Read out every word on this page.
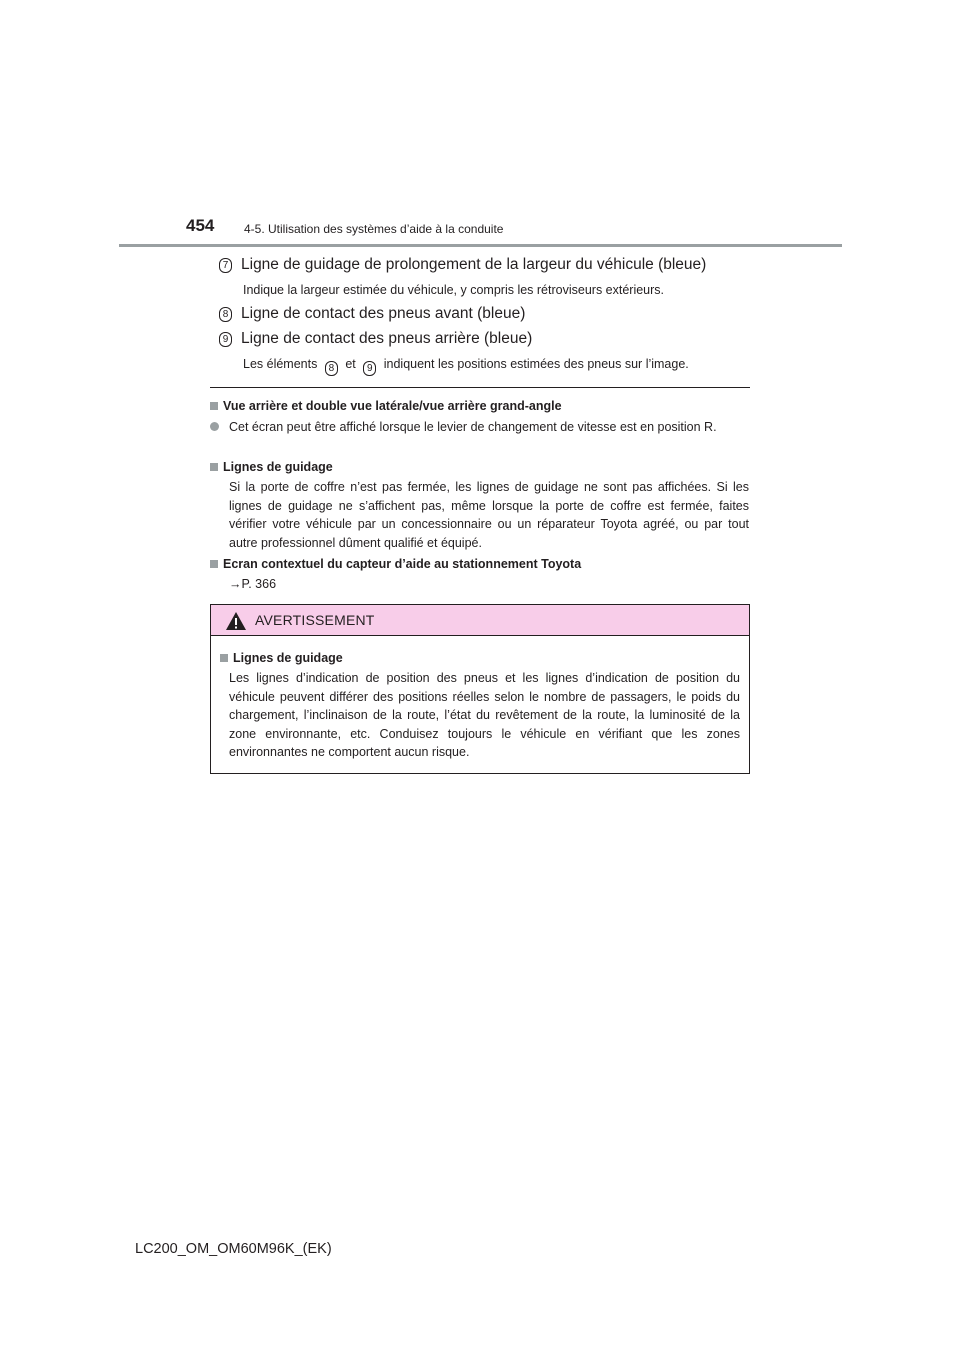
454 4-5. Utilisation des systèmes d’aide à la conduite
7 Ligne de guidage de prolongement de la largeur du véhicule (bleue)
Indique la largeur estimée du véhicule, y compris les rétroviseurs extérieurs.
8 Ligne de contact des pneus avant (bleue)
9 Ligne de contact des pneus arrière (bleue)
Les éléments 8 et 9 indiquent les positions estimées des pneus sur l’image.
Vue arrière et double vue latérale/vue arrière grand-angle
Cet écran peut être affiché lorsque le levier de changement de vitesse est en position R.
Lignes de guidage
Si la porte de coffre n’est pas fermée, les lignes de guidage ne sont pas affichées. Si les lignes de guidage ne s’affichent pas, même lorsque la porte de coffre est fermée, faites vérifier votre véhicule par un concessionnaire ou un réparateur Toyota agréé, ou par tout autre professionnel dûment qualifié et équipé.
Ecran contextuel du capteur d’aide au stationnement Toyota
→P. 366
AVERTISSEMENT
Lignes de guidage
Les lignes d’indication de position des pneus et les lignes d’indication de position du véhicule peuvent différer des positions réelles selon le nombre de passagers, le poids du chargement, l’inclinaison de la route, l’état du revêtement de la route, la luminosité de la zone environnante, etc. Conduisez toujours le véhicule en vérifiant que les zones environnantes ne comportent aucun risque.
LC200_OM_OM60M96K_(EK)
